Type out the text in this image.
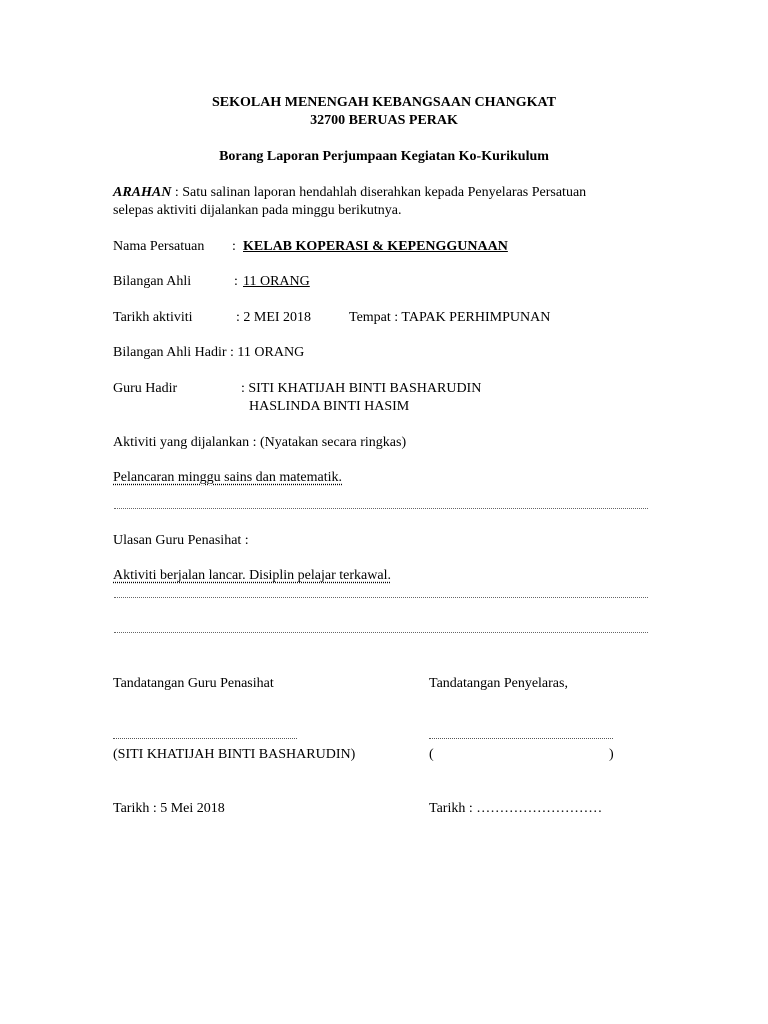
SEKOLAH MENENGAH KEBANGSAAN CHANGKAT
32700 BERUAS PERAK
Borang Laporan Perjumpaan Kegiatan Ko-Kurikulum
ARAHAN : Satu salinan laporan hendahlah diserahkan kepada Penyelaras Persatuan
selepas aktiviti dijalankan pada minggu berikutnya.
Nama Persatuan : KELAB KOPERASI & KEPENGGUNAAN
Bilangan Ahli	: 11 ORANG
Tarikh aktiviti	: 2 MEI 2018	Tempat : TAPAK PERHIMPUNAN
Bilangan Ahli Hadir : 11 ORANG
Guru Hadir	: SITI KHATIJAH BINTI BASHARUDIN
HASLINDA BINTI HASIM
Aktiviti yang dijalankan : (Nyatakan secara ringkas)
Pelancaran minggu sains dan matematik.
Ulasan Guru Penasihat :
Aktiviti berjalan lancar. Disiplin pelajar terkawal.
Tandatangan Guru Penasihat	Tandatangan Penyelaras,
(SITI KHATIJAH BINTI BASHARUDIN)	(	)
Tarikh : 5 Mei 2018	Tarikh : ………………………
